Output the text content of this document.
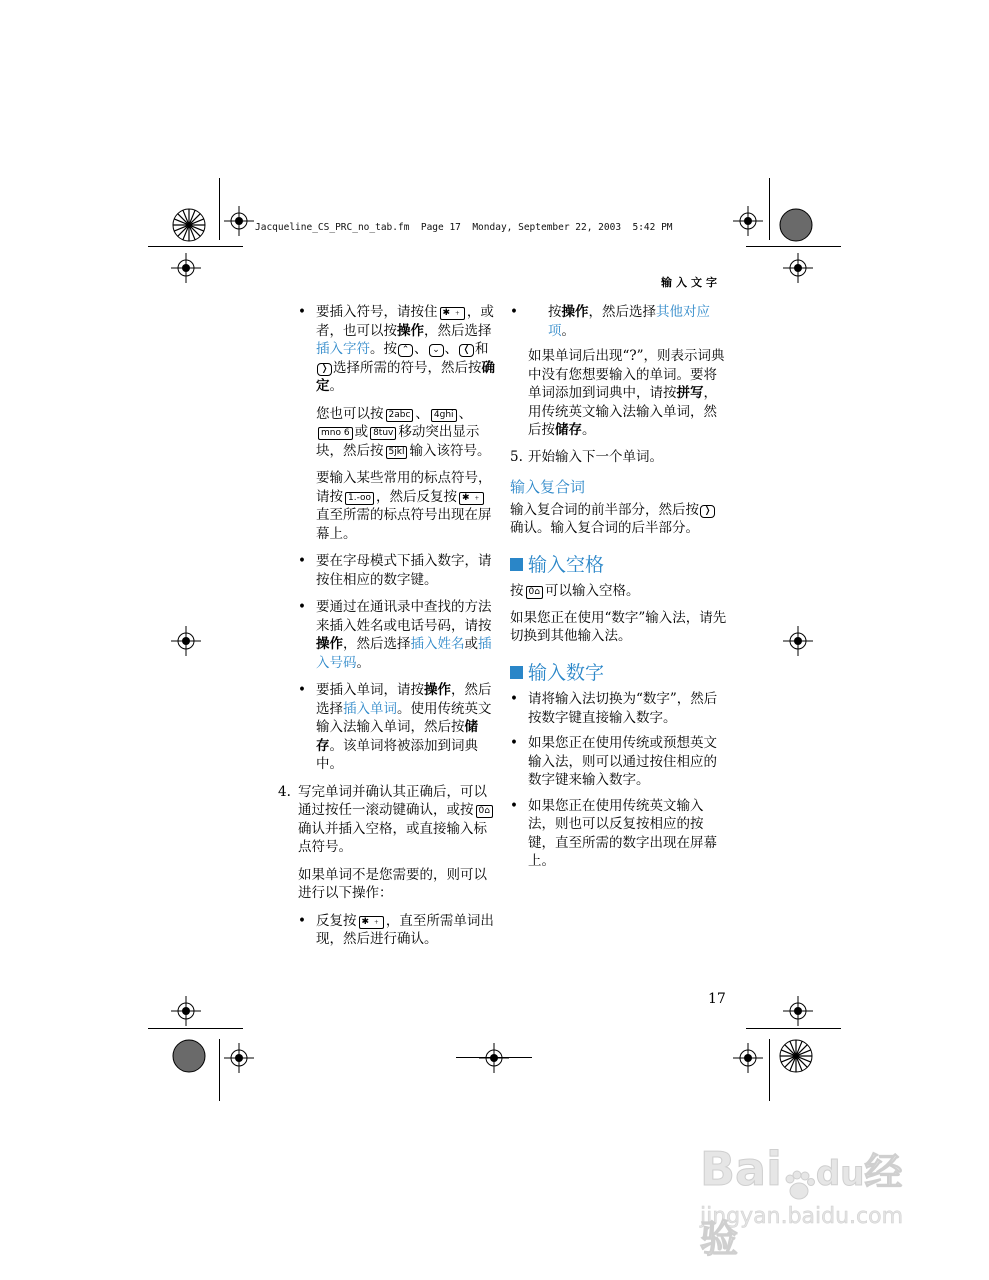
Jacqueline_CS_PRC_no_tab.fm  Page 17  Monday, September 22, 2003  5:42 PM
输入文字
• 要插入符号，请按住 ✱ ﹢ ，或者，也可以按操作，然后选择插入字符。按 ⌃ 、 ⌄ 、 ❬ 和❭ 选择所需的符号，然后按确定。
您也可以按 2abc 、 4ghi 、mno 6 或 8tuv 移动突出显示块，然后按 5jkl 输入该符号。
要输入某些常用的标点符号，请按 1.‐oo ，然后反复按 ✱ ﹢直至所需的标点符号出现在屏幕上。
• 要在字母模式下插入数字，请按住相应的数字键。
• 要通过在通讯录中查找的方法来插入姓名或电话号码，请按操作，然后选择插入姓名或插入号码。
• 要插入单词，请按操作，然后选择插入单词。使用传统英文输入法输入单词，然后按储存。该单词将被添加到词典中。
4. 写完单词并确认其正确后，可以通过按任一滚动键确认，或按 0⌂确认并插入空格，或直接输入标点符号。
如果单词不是您需要的，则可以进行以下操作：
• 反复按 ✱ ﹢ ，直至所需单词出现，然后进行确认。
• 按操作，然后选择其他对应项。
如果单词后出现“?”，则表示词典中没有您想要输入的单词。要将单词添加到词典中，请按拼写，用传统英文输入法输入单词，然后按储存。
5. 开始输入下一个单词。
输入复合词
输入复合词的前半部分，然后按 ❭确认。输入复合词的后半部分。
输入空格
按 0⌂ 可以输入空格。
如果您正在使用“数字”输入法，请先切换到其他输入法。
输入数字
• 请将输入法切换为“数字”，然后按数字键直接输入数字。
• 如果您正在使用传统或预想英文输入法，则可以通过按住相应的数字键来输入数字。
• 如果您正在使用传统英文输入法，则也可以反复按相应的按键，直至所需的数字出现在屏幕上。
17
Bai du经验
jingyan.baidu.com
